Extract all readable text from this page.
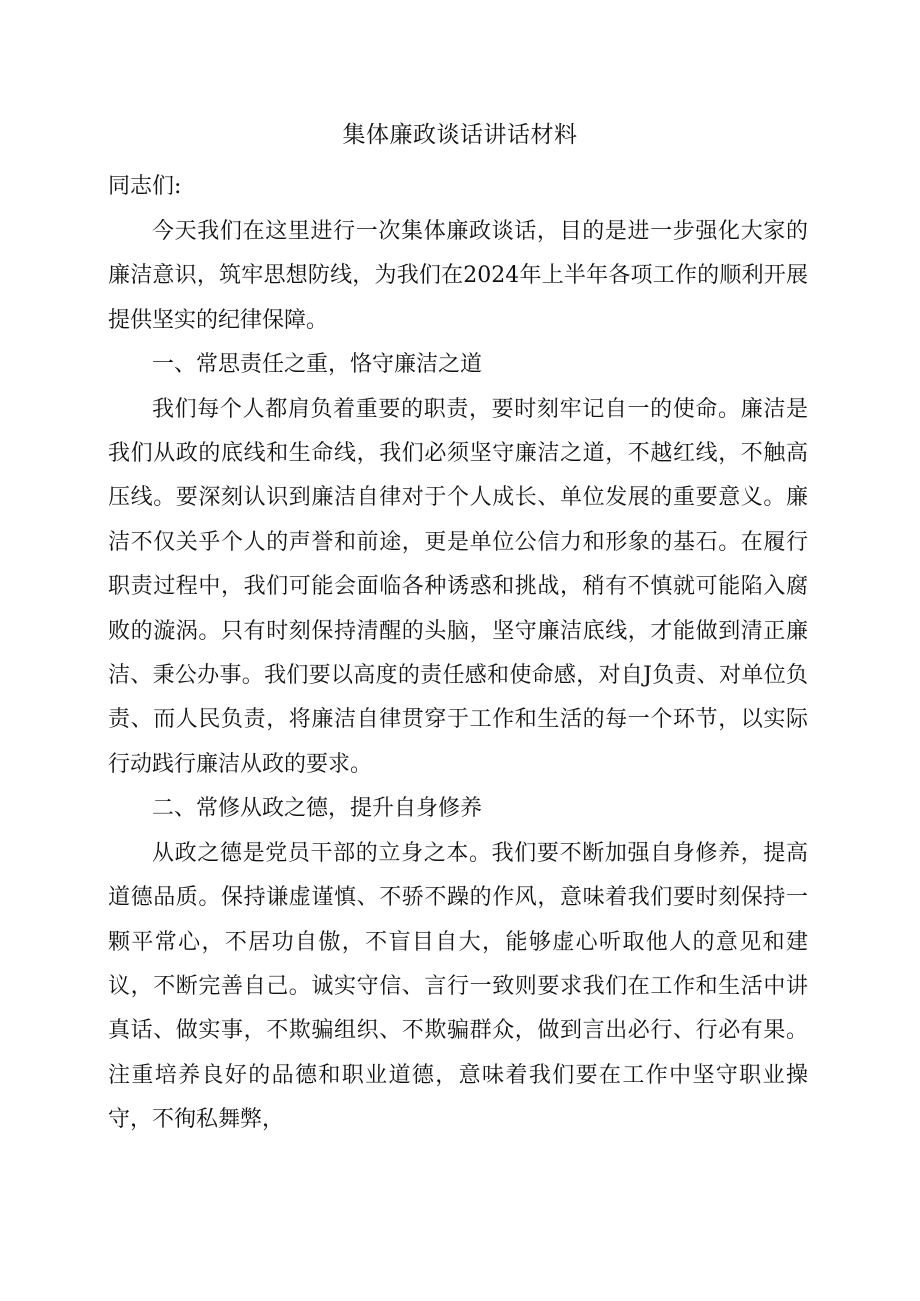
集体廉政谈话讲话材料
同志们:

今天我们在这里进行一次集体廉政谈话，目的是进一步强化大家的廉洁意识，筑牢思想防线，为我们在2024年上半年各项工作的顺利开展提供坚实的纪律保障。

一、常思责任之重，恪守廉洁之道

我们每个人都肩负着重要的职责，要时刻牢记自一的使命。廉洁是我们从政的底线和生命线，我们必须坚守廉洁之道，不越红线，不触高压线。要深刻认识到廉洁自律对于个人成长、单位发展的重要意义。廉洁不仅关乎个人的声誉和前途，更是单位公信力和形象的基石。在履行职责过程中，我们可能会面临各种诱惑和挑战，稍有不慎就可能陷入腐败的漩涡。只有时刻保持清醒的头脑，坚守廉洁底线，才能做到清正廉洁、秉公办事。我们要以高度的责任感和使命感，对自J负责、对单位负责、而人民负责，将廉洁自律贯穿于工作和生活的每一个环节，以实际行动践行廉洁从政的要求。

二、常修从政之德，提升自身修养

从政之德是党员干部的立身之本。我们要不断加强自身修养，提高道德品质。保持谦虚谨慎、不骄不躁的作风，意味着我们要时刻保持一颗平常心，不居功自傲，不盲目自大，能够虚心听取他人的意见和建议，不断完善自己。诚实守信、言行一致则要求我们在工作和生活中讲真话、做实事，不欺骗组织、不欺骗群众，做到言出必行、行必有果。注重培养良好的品德和职业道德，意味着我们要在工作中坚守职业操守，不徇私舞弊，
